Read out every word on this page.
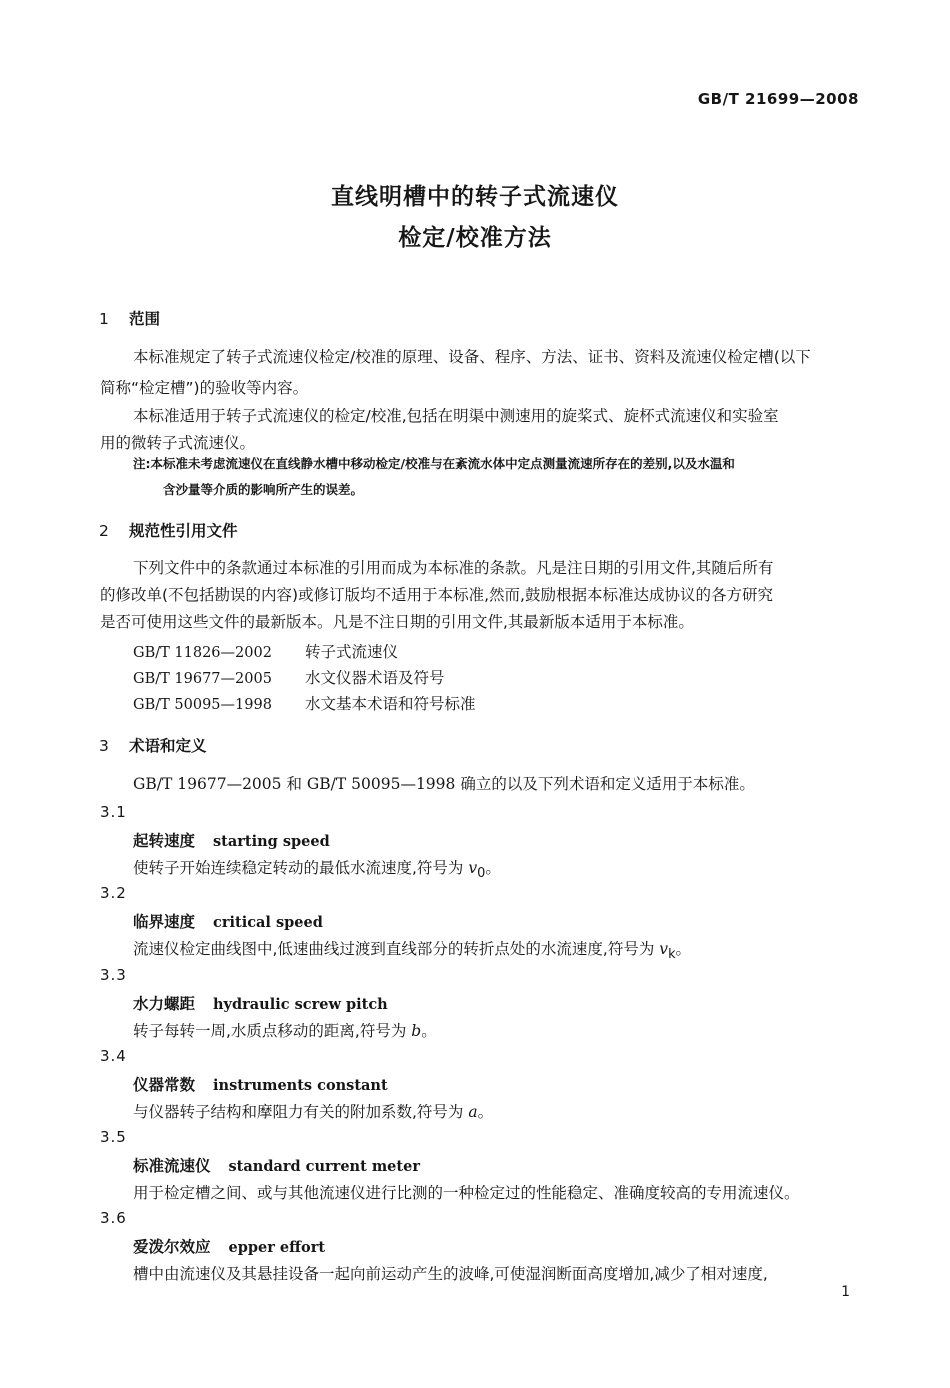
GB/T 21699—2008
直线明槽中的转子式流速仪
检定/校准方法
1 范围
本标准规定了转子式流速仪检定/校准的原理、设备、程序、方法、证书、资料及流速仪检定槽(以下
简称“检定槽”)的验收等内容。
本标准适用于转子式流速仪的检定/校准,包括在明渠中测速用的旋桨式、旋杯式流速仪和实验室
用的微转子式流速仪。
注:本标准未考虑流速仪在直线静水槽中移动检定/校准与在紊流水体中定点测量流速所存在的差别,以及水温和
含沙量等介质的影响所产生的误差。
2 规范性引用文件
下列文件中的条款通过本标准的引用而成为本标准的条款。凡是注日期的引用文件,其随后所有
的修改单(不包括勘误的内容)或修订版均不适用于本标准,然而,鼓励根据本标准达成协议的各方研究
是否可使用这些文件的最新版本。凡是不注日期的引用文件,其最新版本适用于本标准。
GB/T 11826—2002 转子式流速仪
GB/T 19677—2005 水文仪器术语及符号
GB/T 50095—1998 水文基本术语和符号标准
3 术语和定义
GB/T 19677—2005 和 GB/T 50095—1998 确立的以及下列术语和定义适用于本标准。
3.1
起转速度 starting speed
使转子开始连续稳定转动的最低水流速度,符号为 $v_0$。
3.2
临界速度 critical speed
流速仪检定曲线图中,低速曲线过渡到直线部分的转折点处的水流速度,符号为 $v_k$。
3.3
水力螺距 hydraulic screw pitch
转子每转一周,水质点移动的距离,符号为 b。
3.4
仪器常数 instruments constant
与仪器转子结构和摩阻力有关的附加系数,符号为 a。
3.5
标准流速仪 standard current meter
用于检定槽之间、或与其他流速仪进行比测的一种检定过的性能稳定、准确度较高的专用流速仪。
3.6
爱泼尔效应 epper effort
槽中由流速仪及其悬挂设备一起向前运动产生的波峰,可使湿润断面高度增加,减少了相对速度,
1
